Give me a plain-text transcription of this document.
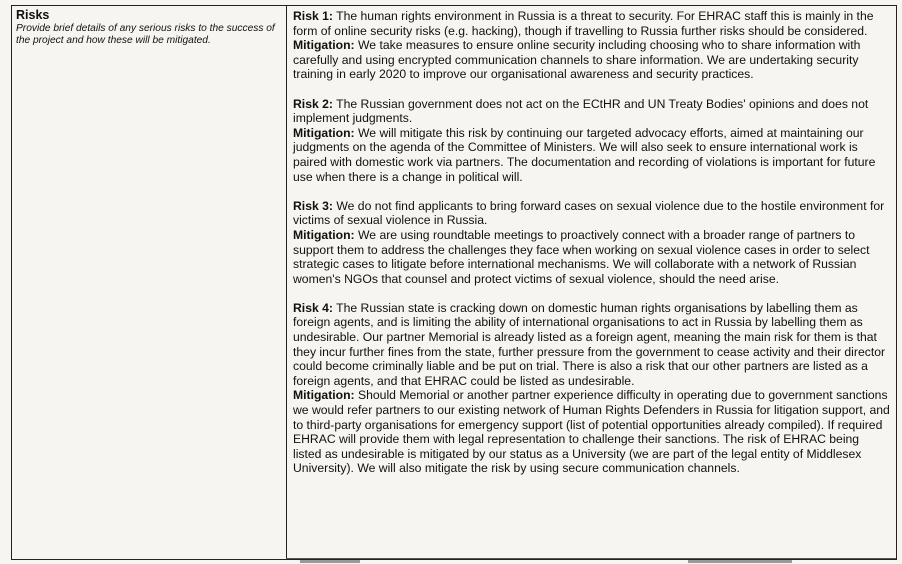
Risks
Provide brief details of any serious risks to the success of the project and how these will be mitigated.

Risk 1: The human rights environment in Russia is a threat to security. For EHRAC staff this is mainly in the form of online security risks (e.g. hacking), though if travelling to Russia further risks should be considered.

Mitigation: We take measures to ensure online security including choosing who to share information with carefully and using encrypted communication channels to share information. We are undertaking security training in early 2020 to improve our organisational awareness and security practices.

Risk 2: The Russian government does not act on the ECtHR and UN Treaty Bodies' opinions and does not implement judgments.

Mitigation: We will mitigate this risk by continuing our targeted advocacy efforts, aimed at maintaining our judgments on the agenda of the Committee of Ministers. We will also seek to ensure international work is paired with domestic work via partners. The documentation and recording of violations is important for future use when there is a change in political will.

Risk 3: We do not find applicants to bring forward cases on sexual violence due to the hostile environment for victims of sexual violence in Russia.

Mitigation: We are using roundtable meetings to proactively connect with a broader range of partners to support them to address the challenges they face when working on sexual violence cases in order to select strategic cases to litigate before international mechanisms. We will collaborate with a network of Russian women's NGOs that counsel and protect victims of sexual violence, should the need arise.

Risk 4: The Russian state is cracking down on domestic human rights organisations by labelling them as foreign agents, and is limiting the ability of international organisations to act in Russia by labelling them as undesirable. Our partner Memorial is already listed as a foreign agent, meaning the main risk for them is that they incur further fines from the state, further pressure from the government to cease activity and their director could become criminally liable and be put on trial. There is also a risk that our other partners are listed as a foreign agents, and that EHRAC could be listed as undesirable.

Mitigation: Should Memorial or another partner experience difficulty in operating due to government sanctions we would refer partners to our existing network of Human Rights Defenders in Russia for litigation support, and to third-party organisations for emergency support (list of potential opportunities already compiled). If required EHRAC will provide them with legal representation to challenge their sanctions. The risk of EHRAC being listed as undesirable is mitigated by our status as a University (we are part of the legal entity of Middlesex University). We will also mitigate the risk by using secure communication channels.
